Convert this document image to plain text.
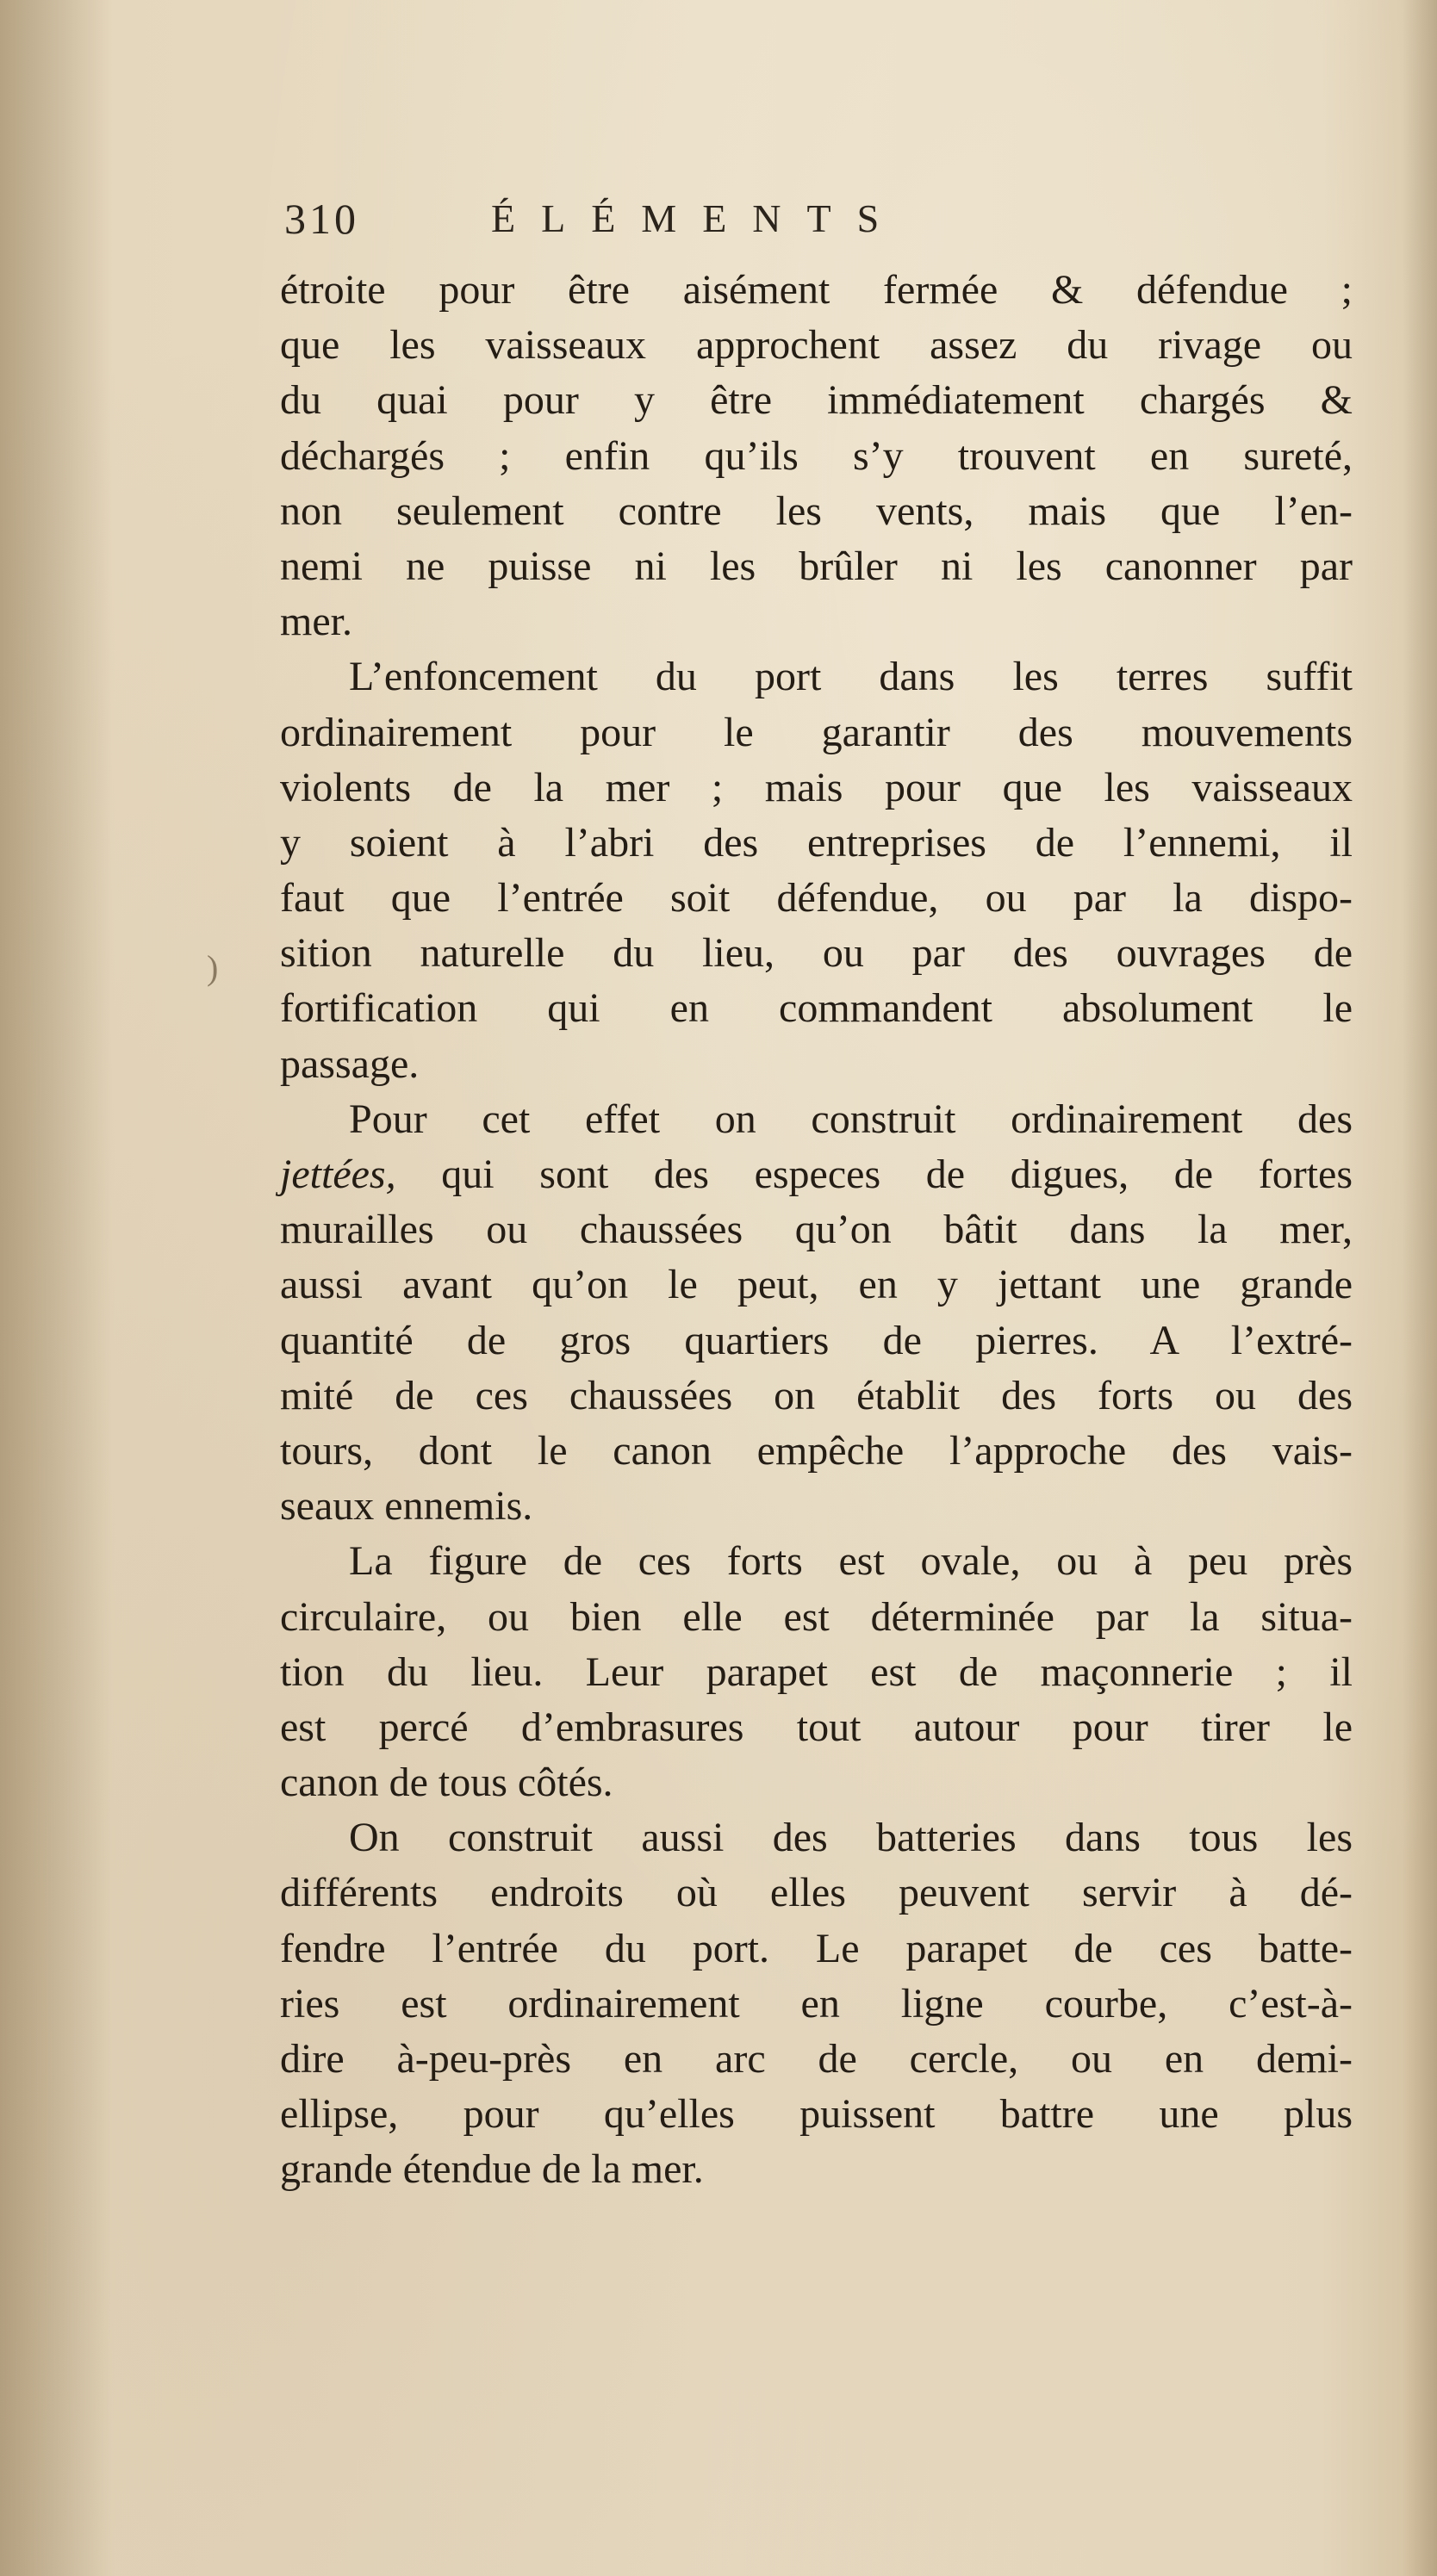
310	ÉLÉMENTS
)
étroite pour être aisément fermée & défendue ;
que les vaisseaux approchent assez du rivage ou
du quai pour y être immédiatement chargés &
déchargés ; enfin qu’ils s’y trouvent en sureté,
non seulement contre les vents, mais que l’en-
nemi ne puisse ni les brûler ni les canonner par
mer.
L’enfoncement du port dans les terres suffit
ordinairement pour le garantir des mouvements
violents de la mer ; mais pour que les vaisseaux
y soient à l’abri des entreprises de l’ennemi, il
faut que l’entrée soit défendue, ou par la dispo-
sition naturelle du lieu, ou par des ouvrages de
fortification qui en commandent absolument le
passage.
Pour cet effet on construit ordinairement des
jettées, qui sont des especes de digues, de fortes
murailles ou chaussées qu’on bâtit dans la mer,
aussi avant qu’on le peut, en y jettant une grande
quantité de gros quartiers de pierres. A l’extré-
mité de ces chaussées on établit des forts ou des
tours, dont le canon empêche l’approche des vais-
seaux ennemis.
La figure de ces forts est ovale, ou à peu près
circulaire, ou bien elle est déterminée par la situa-
tion du lieu. Leur parapet est de maçonnerie ; il
est percé d’embrasures tout autour pour tirer le
canon de tous côtés.
On construit aussi des batteries dans tous les
différents endroits où elles peuvent servir à dé-
fendre l’entrée du port. Le parapet de ces batte-
ries est ordinairement en ligne courbe, c’est-à-
dire à-peu-près en arc de cercle, ou en demi-
ellipse, pour qu’elles puissent battre une plus
grande étendue de la mer.
